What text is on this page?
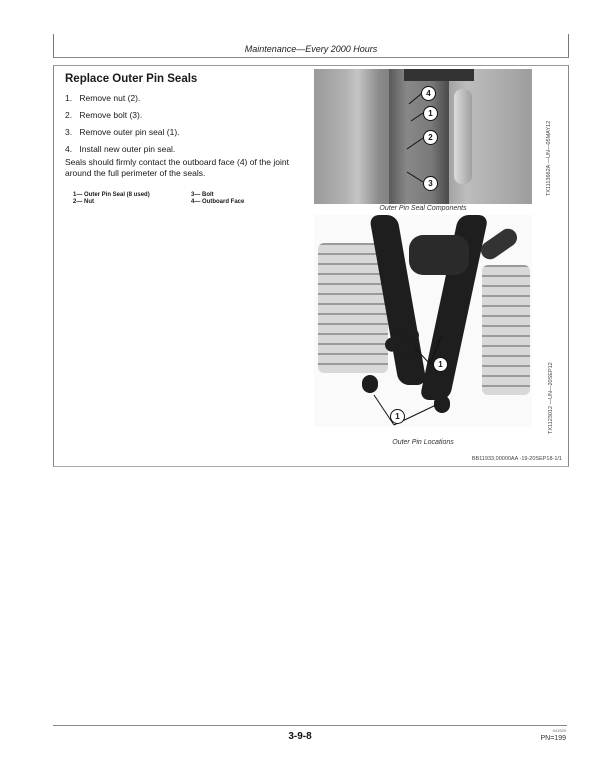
Maintenance—Every 2000 Hours
Replace Outer Pin Seals
1. Remove nut (2).
2. Remove bolt (3).
3. Remove outer pin seal (1).
4. Install new outer pin seal.
Seals should firmly contact the outboard face (4) of the joint around the full perimeter of the seals.
1— Outer Pin Seal (8 used)
2— Nut
3— Bolt
4— Outboard Face
4
1
2
3
Outer Pin Seal Components
TX1113662A —UN—05MAY12
1
1
Outer Pin Locations
TX1123012 —UN—20SEP12
BB11933,00000AA -19-20SEP18-1/1
3-9-8
041520
PN=199
